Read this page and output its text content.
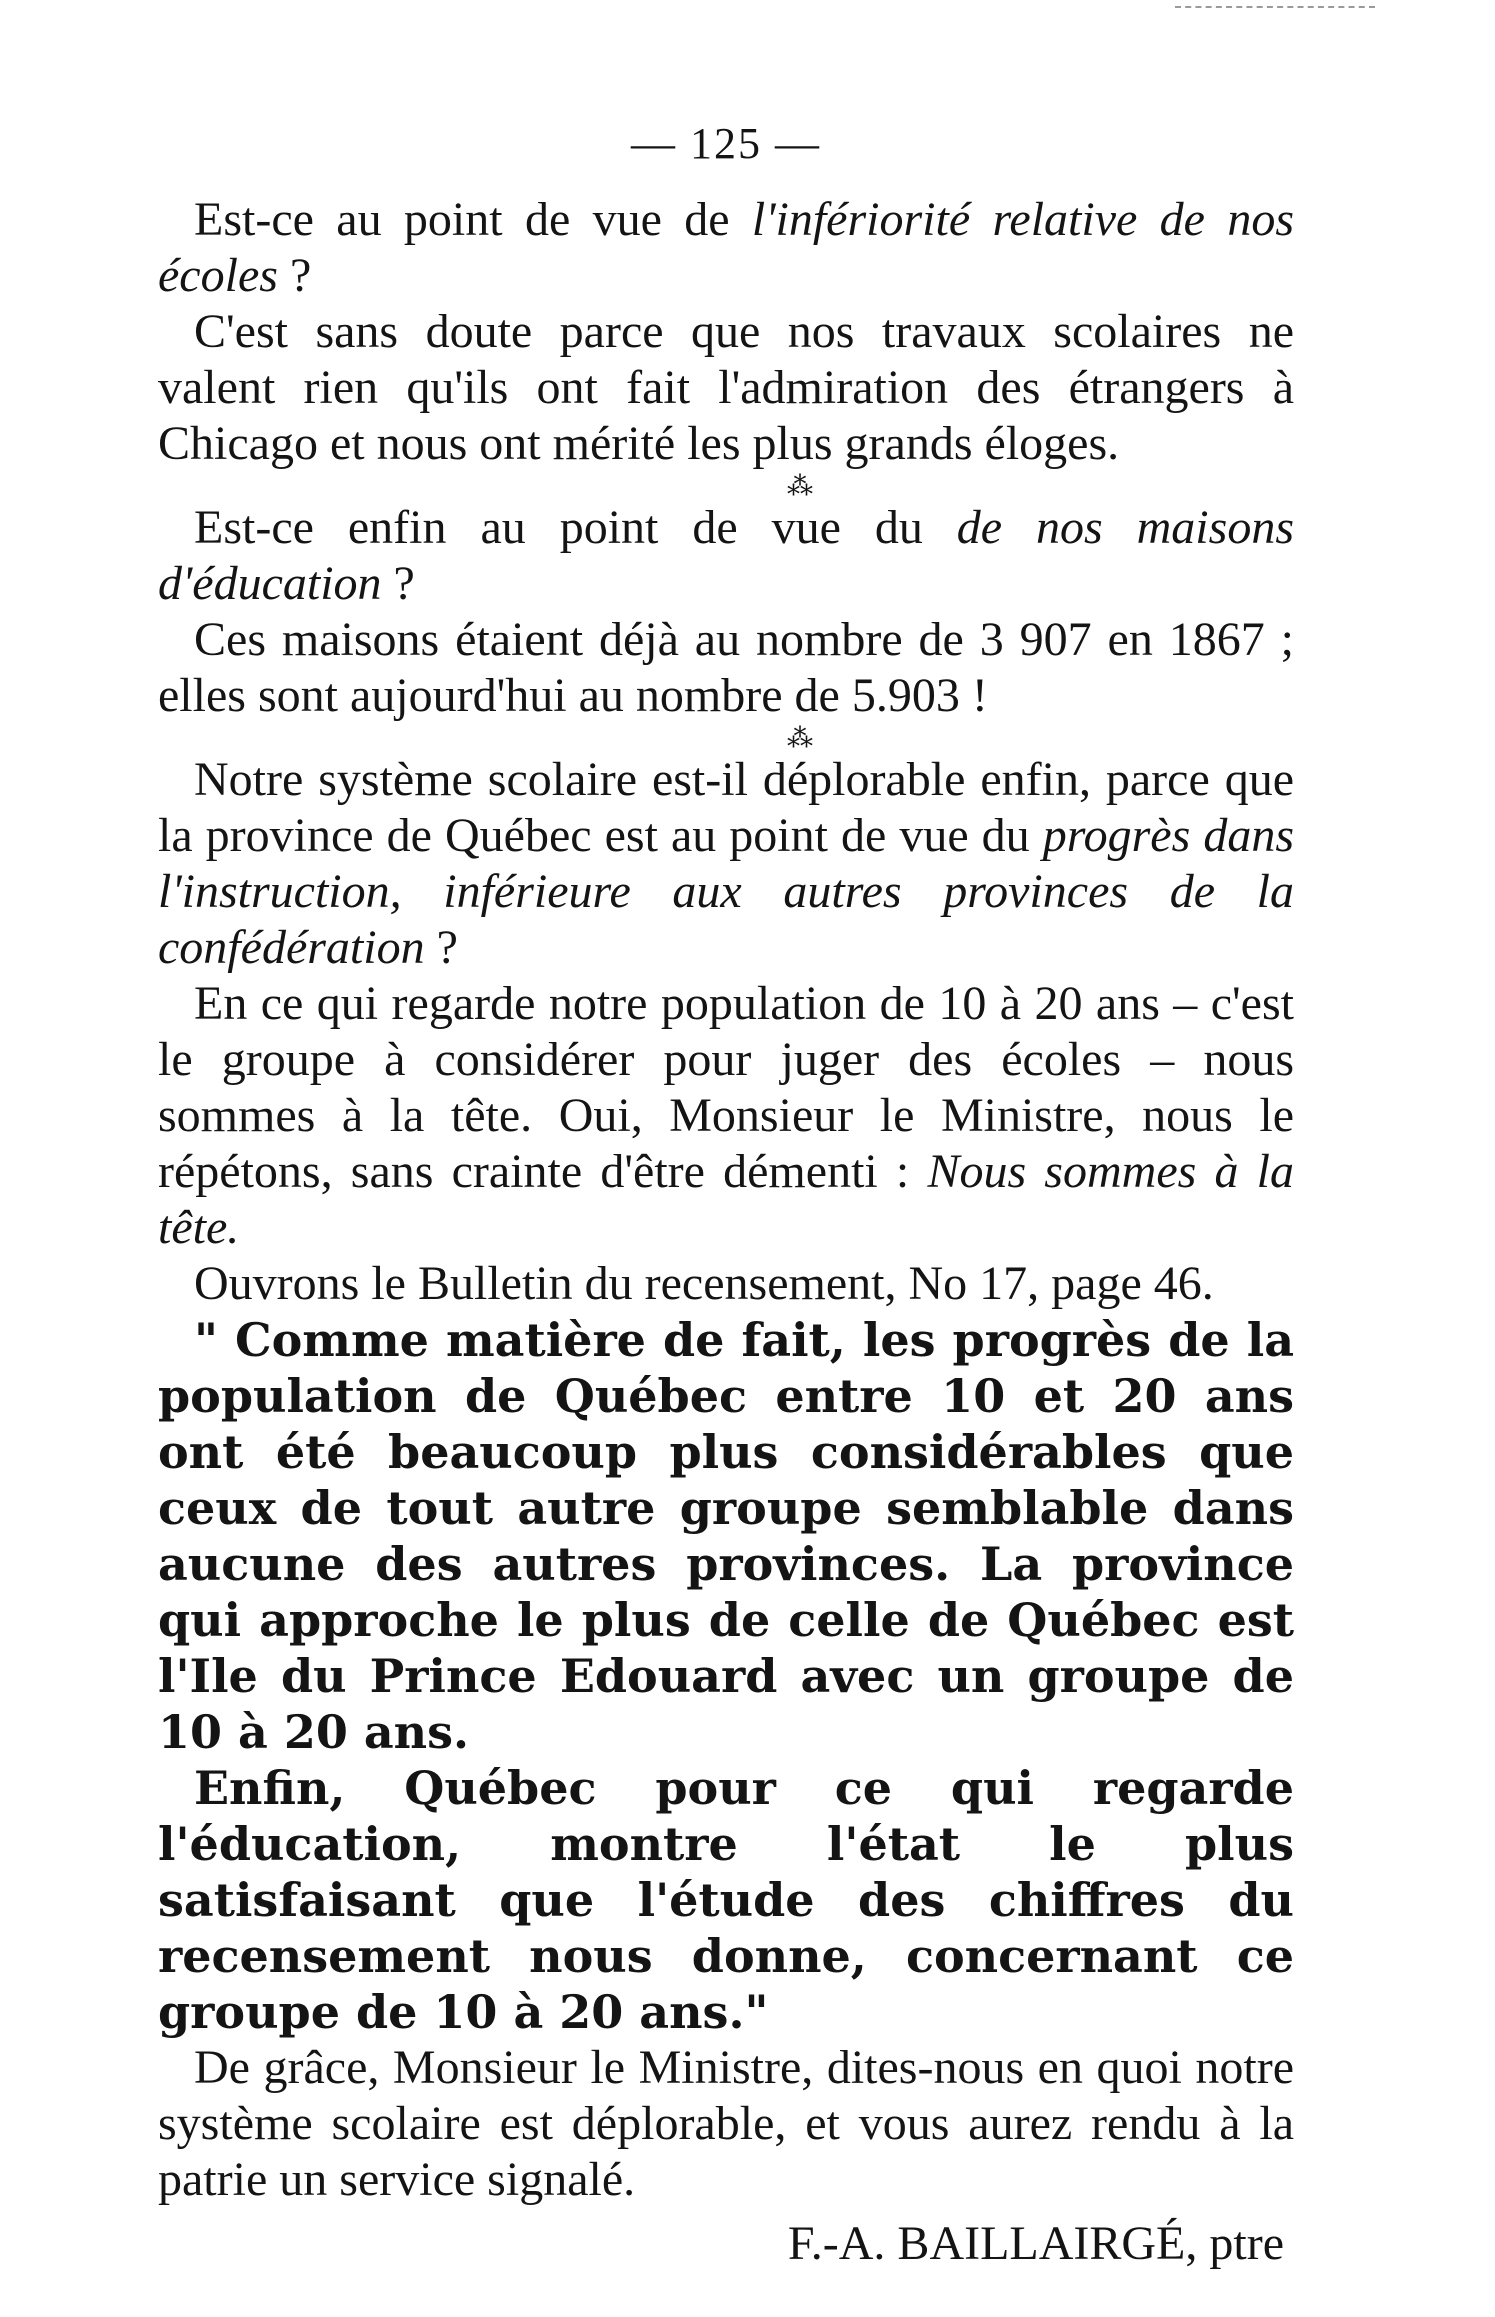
— 125 —

Est-ce au point de vue de l'infériorité relative de nos écoles ?

C'est sans doute parce que nos travaux scolaires ne valent rien qu'ils ont fait l'admiration des étrangers à Chicago et nous ont mérité les plus grands éloges.

⁂

Est-ce enfin au point de vue du de nos maisons d'éducation ?

Ces maisons étaient déjà au nombre de 3 907 en 1867 ; elles sont aujourd'hui au nombre de 5.903 !

⁂

Notre système scolaire est-il déplorable enfin, parce que la province de Québec est au point de vue du progrès dans l'instruction, inférieure aux autres provinces de la confédération ?

En ce qui regarde notre population de 10 à 20 ans – c'est le groupe à considérer pour juger des écoles – nous sommes à la tête. Oui, Monsieur le Ministre, nous le répétons, sans crainte d'être démenti : Nous sommes à la tête.

Ouvrons le Bulletin du recensement, No 17, page 46.

" Comme matière de fait, les progrès de la population de Québec entre 10 et 20 ans ont été beaucoup plus considérables que ceux de tout autre groupe semblable dans aucune des autres provinces. La province qui approche le plus de celle de Québec est l'Ile du Prince Edouard avec un groupe de 10 à 20 ans.

Enfin, Québec pour ce qui regarde l'éducation, montre l'état le plus satisfaisant que l'étude des chiffres du recensement nous donne, concernant ce groupe de 10 à 20 ans."

De grâce, Monsieur le Ministre, dites-nous en quoi notre système scolaire est déplorable, et vous aurez rendu à la patrie un service signalé.

F.-A. BAILLAIRGÉ, ptre
